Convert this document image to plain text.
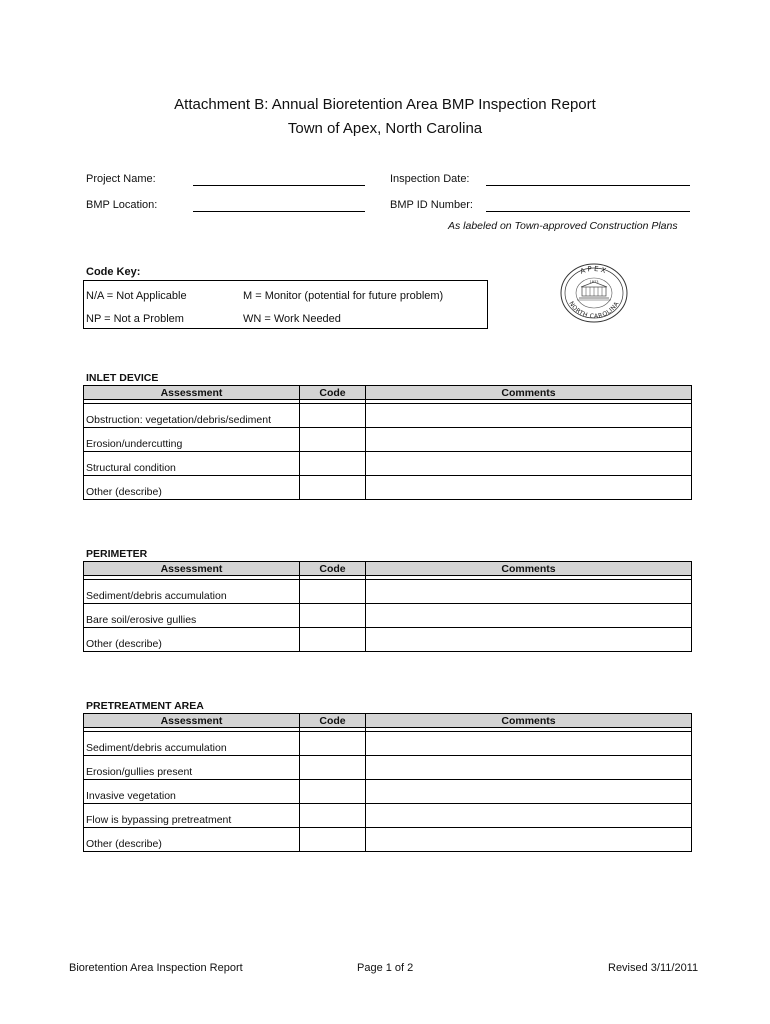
Attachment B: Annual Bioretention Area BMP Inspection Report
Town of Apex, North Carolina
Project Name:	Inspection Date:
BMP Location:	BMP ID Number:
As labeled on Town-approved Construction Plans
Code Key:
N/A = Not Applicable	M = Monitor (potential for future problem)
NP = Not a Problem	WN = Work Needed
APEX
NORTH CAROLINA
1873
INLET DEVICE
Assessment	Code	Comments

Obstruction: vegetation/debris/sediment		
Erosion/undercutting		
Structural condition		
Other (describe)		
PERIMETER
Assessment	Code	Comments

Sediment/debris accumulation		
Bare soil/erosive gullies		
Other (describe)		
PRETREATMENT AREA
Assessment	Code	Comments

Sediment/debris accumulation		
Erosion/gullies present		
Invasive vegetation		
Flow is bypassing pretreatment		
Other (describe)		
Bioretention Area Inspection Report	Page 1 of 2	Revised 3/11/2011
